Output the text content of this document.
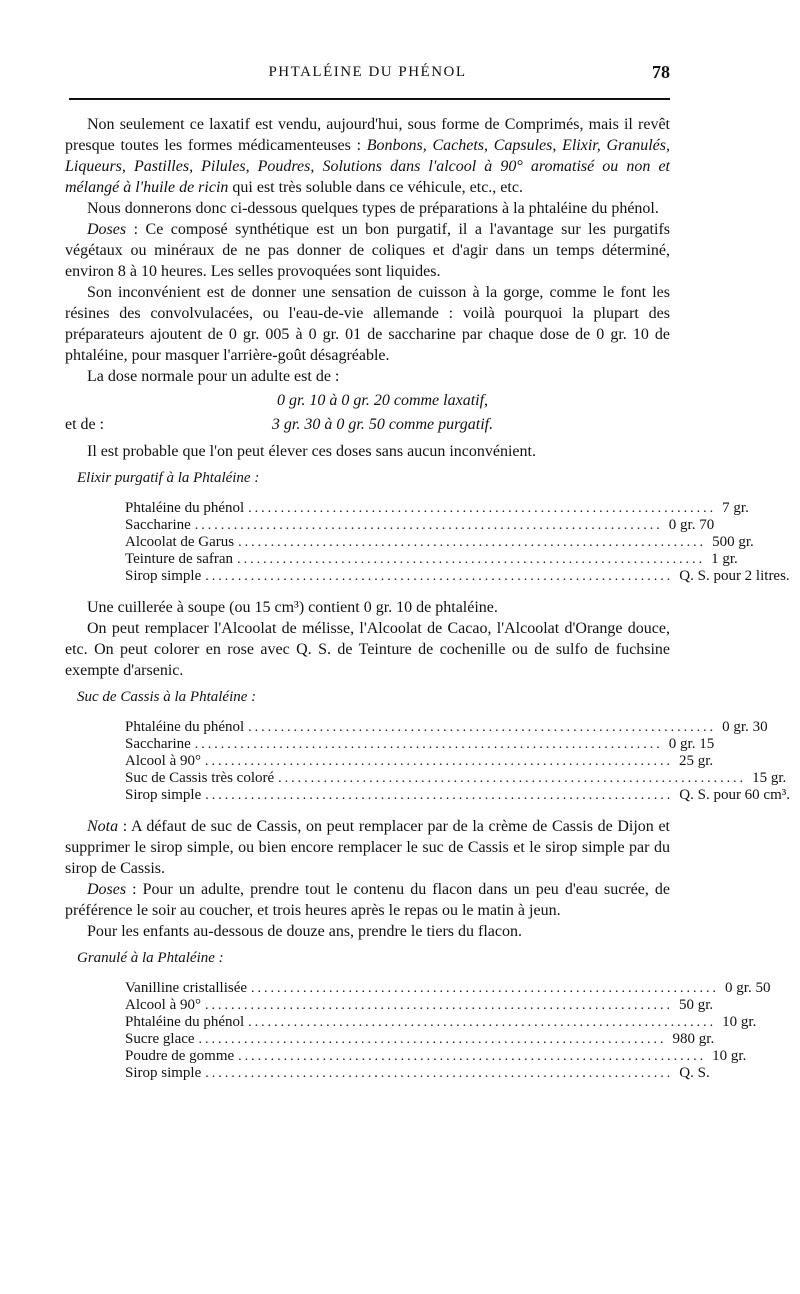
PHTALÉINE DU PHÉNOL	78

Non seulement ce laxatif est vendu, aujourd'hui, sous forme de Comprimés, mais il revêt presque toutes les formes médicamenteuses : Bonbons, Cachets, Capsules, Elixir, Granulés, Liqueurs, Pastilles, Pilules, Poudres, Solutions dans l'alcool à 90° aromatisé ou non et mélangé à l'huile de ricin qui est très soluble dans ce véhicule, etc., etc.

Nous donnerons donc ci-dessous quelques types de préparations à la phtaléine du phénol.

Doses : Ce composé synthétique est un bon purgatif, il a l'avantage sur les purgatifs végétaux ou minéraux de ne pas donner de coliques et d'agir dans un temps déterminé, environ 8 à 10 heures. Les selles provoquées sont liquides.

Son inconvénient est de donner une sensation de cuisson à la gorge, comme le font les résines des convolvulacées, ou l'eau-de-vie allemande : voilà pourquoi la plupart des préparateurs ajoutent de 0 gr. 005 à 0 gr. 01 de saccharine par chaque dose de 0 gr. 10 de phtaléine, pour masquer l'arrière-goût désagréable.

La dose normale pour un adulte est de :

0 gr. 10 à 0 gr. 20 comme laxatif,
et de :	3 gr. 30 à 0 gr. 50 comme purgatif.

Il est probable que l'on peut élever ces doses sans aucun inconvénient.

Elixir purgatif à la Phtaléine :
Phtaléine du phénol ........................................................................ 7 gr.
Saccharine ........................................................................ 0 gr. 70
Alcoolat de Garus ........................................................................ 500 gr.
Teinture de safran ........................................................................ 1 gr.
Sirop simple ........................................................................ Q. S. pour 2 litres.

Une cuillerée à soupe (ou 15 cm³) contient 0 gr. 10 de phtaléine.

On peut remplacer l'Alcoolat de mélisse, l'Alcoolat de Cacao, l'Alcoolat d'Orange douce, etc. On peut colorer en rose avec Q. S. de Teinture de cochenille ou de sulfo de fuchsine exempte d'arsenic.

Suc de Cassis à la Phtaléine :
Phtaléine du phénol ........................................................................ 0 gr. 30
Saccharine ........................................................................ 0 gr. 15
Alcool à 90° ........................................................................ 25 gr.
Suc de Cassis très coloré ........................................................................ 15 gr.
Sirop simple ........................................................................ Q. S. pour 60 cm³.

Nota : A défaut de suc de Cassis, on peut remplacer par de la crème de Cassis de Dijon et supprimer le sirop simple, ou bien encore remplacer le suc de Cassis et le sirop simple par du sirop de Cassis.

Doses : Pour un adulte, prendre tout le contenu du flacon dans un peu d'eau sucrée, de préférence le soir au coucher, et trois heures après le repas ou le matin à jeun.

Pour les enfants au-dessous de douze ans, prendre le tiers du flacon.

Granulé à la Phtaléine :
Vanilline cristallisée ........................................................................ 0 gr. 50
Alcool à 90° ........................................................................ 50 gr.
Phtaléine du phénol ........................................................................ 10 gr.
Sucre glace ........................................................................ 980 gr.
Poudre de gomme ........................................................................ 10 gr.
Sirop simple ........................................................................ Q. S.
